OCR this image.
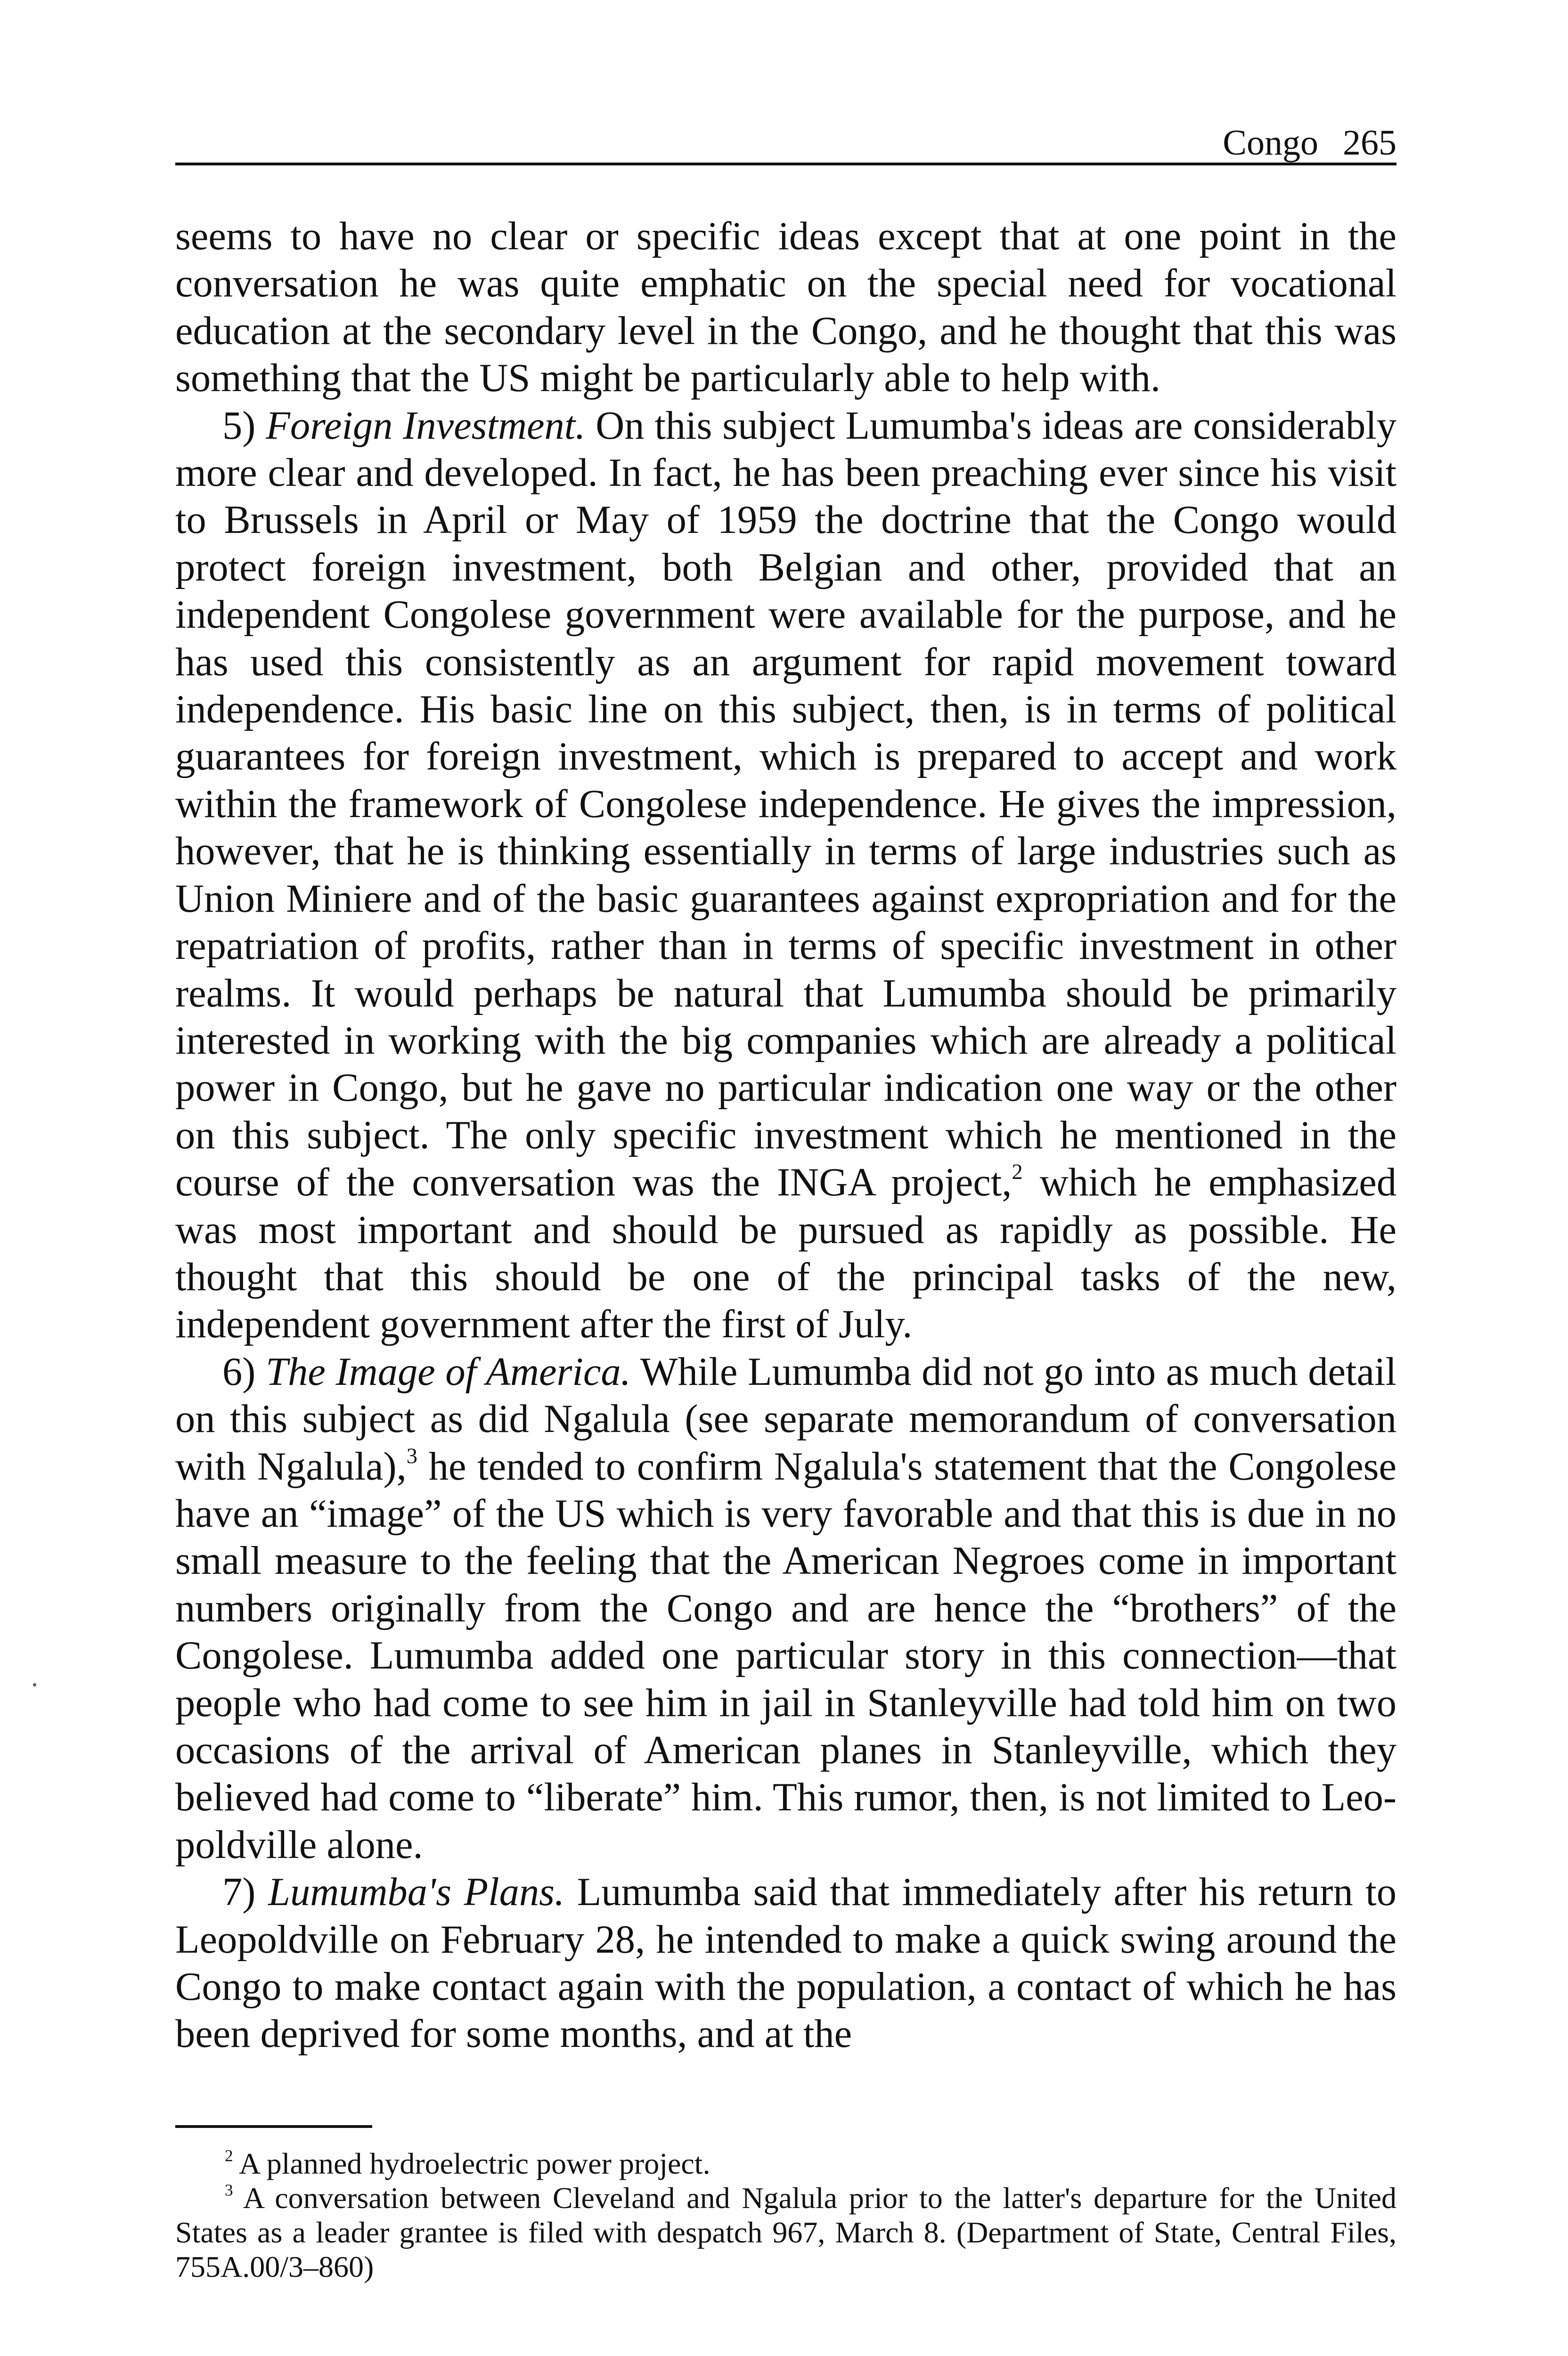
Congo 265

seems to have no clear or specific ideas except that at one point in the conversation he was quite emphatic on the special need for vocational education at the secondary level in the Congo, and he thought that this was something that the US might be particularly able to help with.

5) Foreign Investment. On this subject Lumumba's ideas are considerably more clear and developed. In fact, he has been preaching ever since his visit to Brussels in April or May of 1959 the doctrine that the Congo would protect foreign investment, both Belgian and other, provided that an independent Congolese government were available for the purpose, and he has used this consistently as an argument for rapid movement toward independence. His basic line on this subject, then, is in terms of political guarantees for foreign investment, which is prepared to accept and work within the framework of Congolese independence. He gives the impression, however, that he is thinking essentially in terms of large industries such as Union Miniere and of the basic guarantees against expropriation and for the repatriation of profits, rather than in terms of specific investment in other realms. It would perhaps be natural that Lumumba should be primarily interested in working with the big companies which are already a political power in Congo, but he gave no particular indication one way or the other on this subject. The only specific investment which he mentioned in the course of the conversation was the INGA project,$^2$ which he emphasized was most important and should be pursued as rapidly as possible. He thought that this should be one of the principal tasks of the new, independent government after the first of July.

6) The Image of America. While Lumumba did not go into as much detail on this subject as did Ngalula (see separate memorandum of conversation with Ngalula),$^3$ he tended to confirm Ngalula's statement that the Congolese have an “image” of the US which is very favorable and that this is due in no small measure to the feeling that the American Negroes come in important numbers originally from the Congo and are hence the “brothers” of the Congolese. Lumumba added one particular story in this connection—that people who had come to see him in jail in Stanleyville had told him on two occasions of the arrival of American planes in Stanleyville, which they believed had come to “liberate” him. This rumor, then, is not limited to Leopoldville alone.

7) Lumumba's Plans. Lumumba said that immediately after his return to Leopoldville on February 28, he intended to make a quick swing around the Congo to make contact again with the population, a contact of which he has been deprived for some months, and at the

$^2$ A planned hydroelectric power project.

$^3$ A conversation between Cleveland and Ngalula prior to the latter's departure for the United States as a leader grantee is filed with despatch 967, March 8. (Department of State, Central Files, 755A.00/3–860)
